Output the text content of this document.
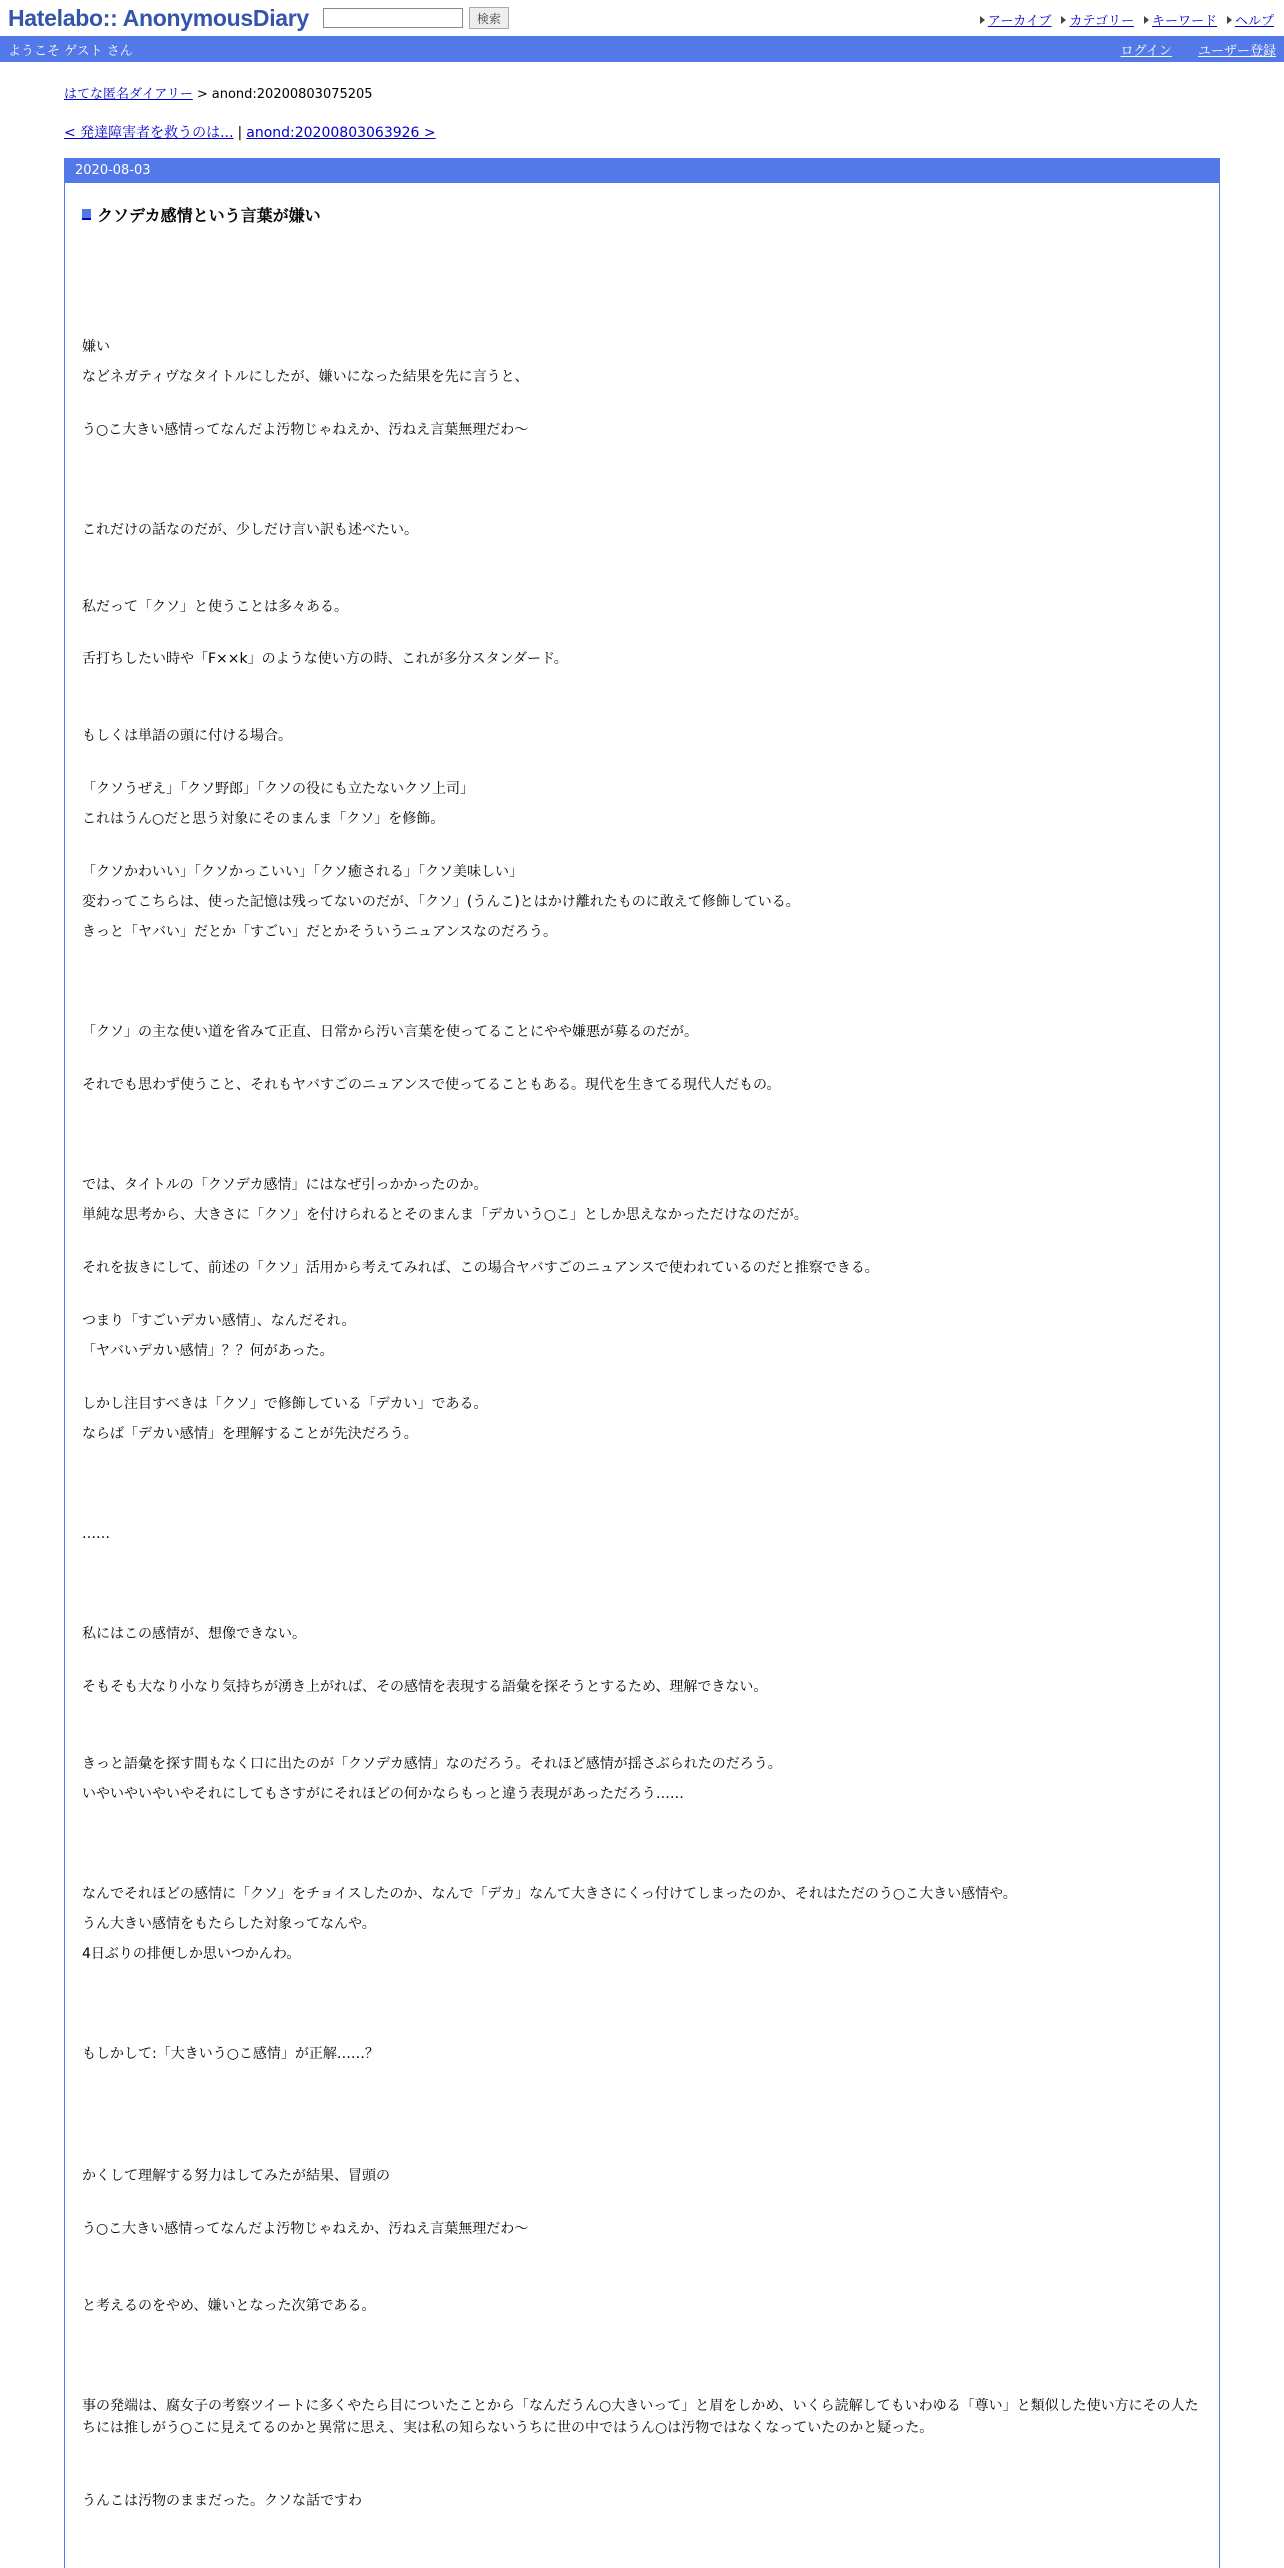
Hatelabo:: AnonymousDiary	検索	アーカイブ カテゴリー キーワード ヘルプ
ようこそ ゲスト さん	ログイン ユーザー登録
はてな匿名ダイアリー > anond:20200803075205
< 発達障害者を救うのは... | anond:20200803063926 >
2020-08-03
クソデカ感情という言葉が嫌い

嫌い

などネガティヴなタイトルにしたが、嫌いになった結果を先に言うと、

う○こ大きい感情ってなんだよ汚物じゃねえか、汚ねえ言葉無理だわ〜

これだけの話なのだが、少しだけ言い訳も述べたい。

私だって「クソ」と使うことは多々ある。

舌打ちしたい時や「F××k」のような使い方の時、これが多分スタンダード。

もしくは単語の頭に付ける場合。

「クソうぜえ」「クソ野郎」「クソの役にも立たないクソ上司」

これはうん○だと思う対象にそのまんま「クソ」を修飾。

「クソかわいい」「クソかっこいい」「クソ癒される」「クソ美味しい」

変わってこちらは、使った記憶は残ってないのだが、「クソ」(うんこ)とはかけ離れたものに敢えて修飾している。

きっと「ヤバい」だとか「すごい」だとかそういうニュアンスなのだろう。

「クソ」の主な使い道を省みて正直、日常から汚い言葉を使ってることにやや嫌悪が募るのだが。

それでも思わず使うこと、それもヤバすごのニュアンスで使ってることもある。現代を生きてる現代人だもの。

では、タイトルの「クソデカ感情」にはなぜ引っかかったのか。

単純な思考から、大きさに「クソ」を付けられるとそのまんま「デカいう○こ」としか思えなかっただけなのだが。

それを抜きにして、前述の「クソ」活用から考えてみれば、この場合ヤバすごのニュアンスで使われているのだと推察できる。

つまり「すごいデカい感情」、なんだそれ。

「ヤバいデカい感情」？？何があった。

しかし注目すべきは「クソ」で修飾している「デカい」である。

ならば「デカい感情」を理解することが先決だろう。

……

私にはこの感情が、想像できない。

そもそも大なり小なり気持ちが湧き上がれば、その感情を表現する語彙を探そうとするため、理解できない。

きっと語彙を探す間もなく口に出たのが「クソデカ感情」なのだろう。それほど感情が揺さぶられたのだろう。

いやいやいやいやそれにしてもさすがにそれほどの何かならもっと違う表現があっただろう……

なんでそれほどの感情に「クソ」をチョイスしたのか、なんで「デカ」なんて大きさにくっ付けてしまったのか、それはただのう○こ大きい感情や。

うん大きい感情をもたらした対象ってなんや。

4日ぶりの排便しか思いつかんわ。

もしかして:「大きいう○こ感情」が正解……？

かくして理解する努力はしてみたが結果、冒頭の

う○こ大きい感情ってなんだよ汚物じゃねえか、汚ねえ言葉無理だわ〜

と考えるのをやめ、嫌いとなった次第である。

事の発端は、腐女子の考察ツイートに多くやたら目についたことから「なんだうん○大きいって」と眉をしかめ、いくら読解してもいわゆる「尊い」と類似した使い方にその人たちには推しがう○こに見えてるのかと異常に思え、実は私の知らないうちに世の中ではうん○は汚物ではなくなっていたのかと疑った。

うんこは汚物のままだった。クソな話ですわ
